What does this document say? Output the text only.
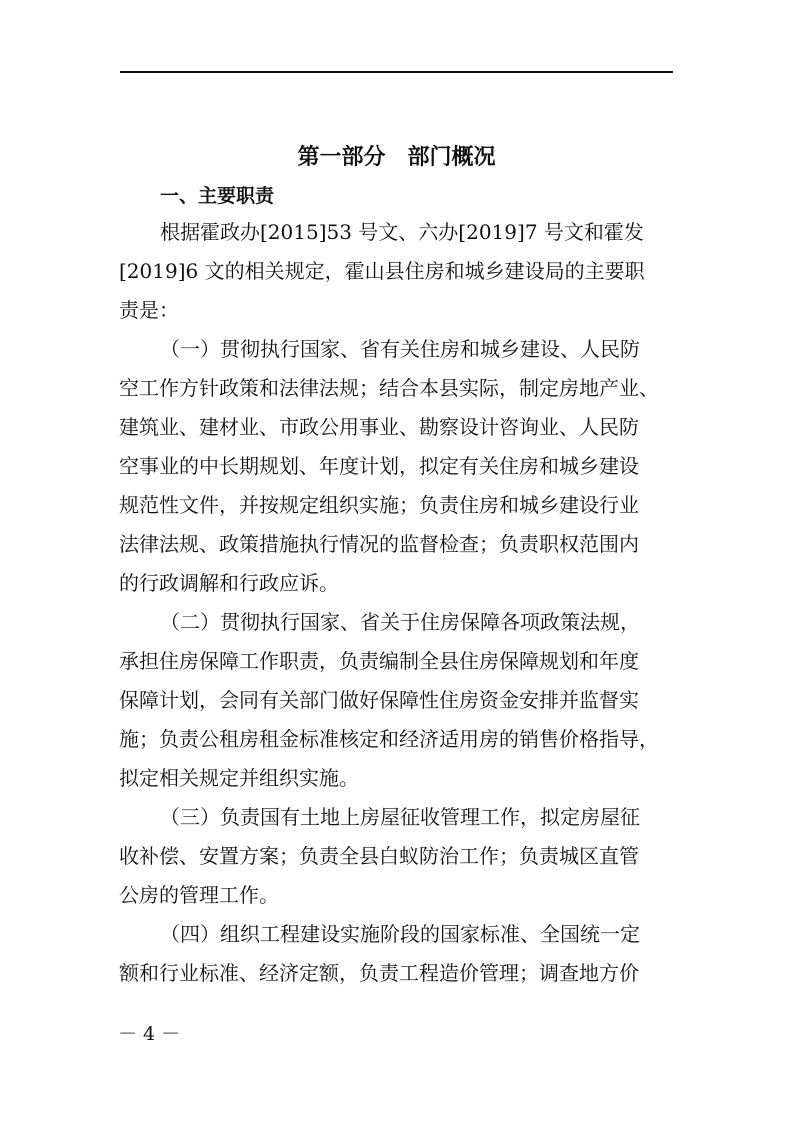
第一部分　部门概况
一、主要职责
根据霍政办[2015]53 号文、六办[2019]7 号文和霍发
[2019]6 文的相关规定，霍山县住房和城乡建设局的主要职
责是：
（一）贯彻执行国家、省有关住房和城乡建设、人民防
空工作方针政策和法律法规；结合本县实际，制定房地产业、
建筑业、建材业、市政公用事业、勘察设计咨询业、人民防
空事业的中长期规划、年度计划，拟定有关住房和城乡建设
规范性文件，并按规定组织实施；负责住房和城乡建设行业
法律法规、政策措施执行情况的监督检查；负责职权范围内
的行政调解和行政应诉。
（二）贯彻执行国家、省关于住房保障各项政策法规，
承担住房保障工作职责，负责编制全县住房保障规划和年度
保障计划，会同有关部门做好保障性住房资金安排并监督实
施；负责公租房租金标准核定和经济适用房的销售价格指导，
拟定相关规定并组织实施。
（三）负责国有土地上房屋征收管理工作，拟定房屋征
收补偿、安置方案；负责全县白蚁防治工作；负责城区直管
公房的管理工作。
（四）组织工程建设实施阶段的国家标准、全国统一定
额和行业标准、经济定额，负责工程造价管理；调查地方价
－ 4 －
